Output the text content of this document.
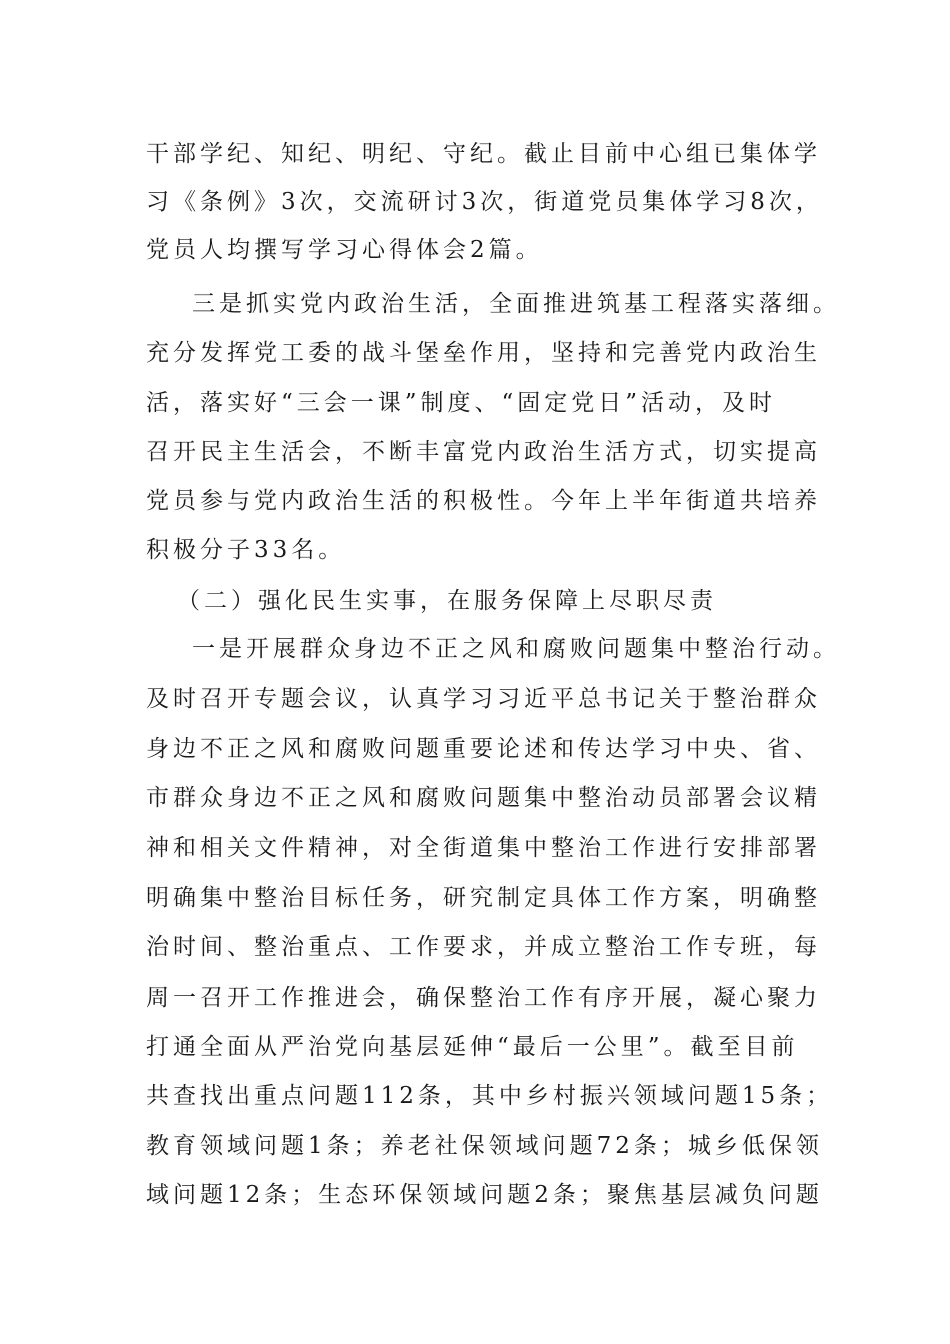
干部学纪、知纪、明纪、守纪。截止目前中心组已集体学

习《条例》3次，交流研讨3次，街道党员集体学习8次，

党员人均撰写学习心得体会2篇。

三是抓实党内政治生活，全面推进筑基工程落实落细。

充分发挥党工委的战斗堡垒作用，坚持和完善党内政治生

活，落实好“三会一课”制度、“固定党日”活动，及时

召开民主生活会，不断丰富党内政治生活方式，切实提高

党员参与党内政治生活的积极性。今年上半年街道共培养

积极分子33名。

（二）强化民生实事，在服务保障上尽职尽责

一是开展群众身边不正之风和腐败问题集中整治行动。

及时召开专题会议，认真学习习近平总书记关于整治群众

身边不正之风和腐败问题重要论述和传达学习中央、省、

市群众身边不正之风和腐败问题集中整治动员部署会议精

神和相关文件精神，对全街道集中整治工作进行安排部署

明确集中整治目标任务，研究制定具体工作方案，明确整

治时间、整治重点、工作要求，并成立整治工作专班，每

周一召开工作推进会，确保整治工作有序开展，凝心聚力

打通全面从严治党向基层延伸“最后一公里”。截至目前

共查找出重点问题112条，其中乡村振兴领域问题15条；

教育领域问题1条；养老社保领域问题72条；城乡低保领

域问题12条；生态环保领域问题2条；聚焦基层减负问题
